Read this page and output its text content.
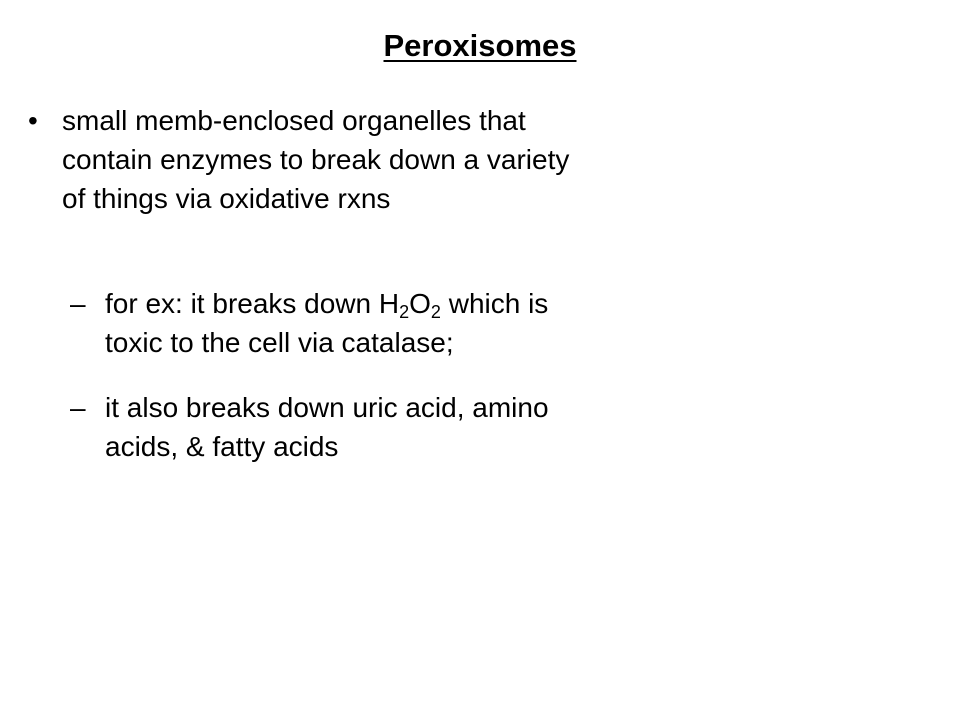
Peroxisomes
• small memb-enclosed organelles that
contain enzymes to break down a variety
of things via oxidative rxns
– for ex: it breaks down $H_2O_2$ which is
toxic to the cell via catalase;
– it also breaks down uric acid, amino
acids, & fatty acids
